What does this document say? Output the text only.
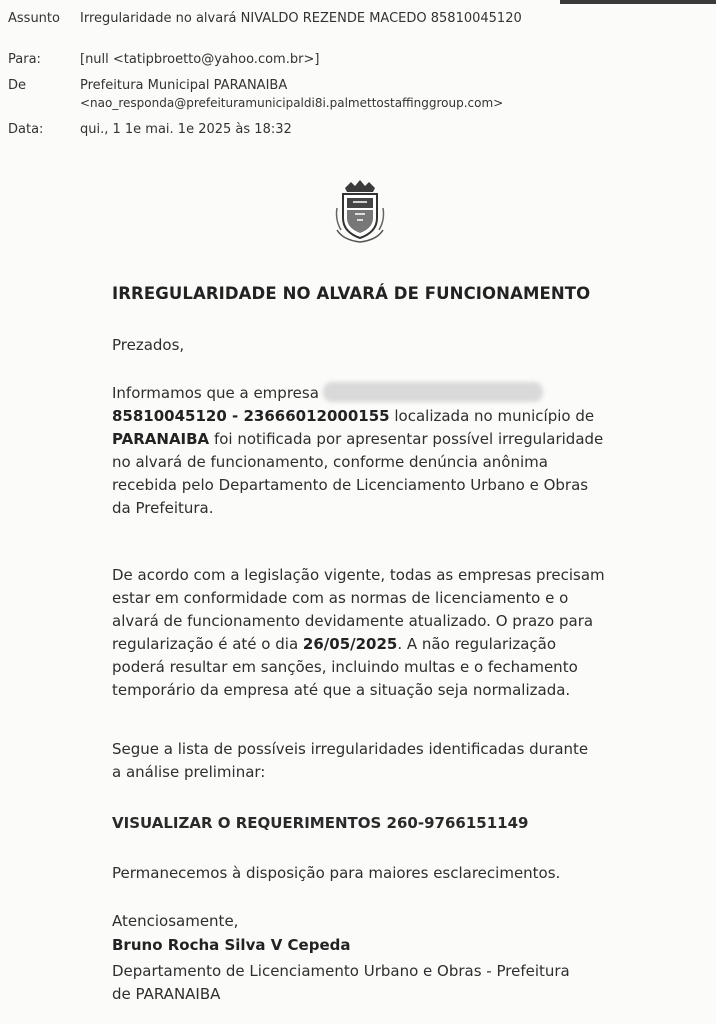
Assunto Irregularidade no alvará NIVALDO REZENDE MACEDO 85810045120
Para:	[null <tatipbroetto@yahoo.com.br>]
De	Prefeitura Municipal PARANAIBA
<nao_responda@prefeituramunicipaldi8i.palmettostaffinggroup.com>
Data:	qui., 1 1e mai. 1e 2025 às 18:32
IRREGULARIDADE NO ALVARÁ DE FUNCIONAMENTO
Prezados,
Informamos que a empresa
85810045120 - 23666012000155 localizada no município de PARANAIBA foi notificada por apresentar possível irregularidade no alvará de funcionamento, conforme denúncia anônima recebida pelo Departamento de Licenciamento Urbano e Obras da Prefeitura.
De acordo com a legislação vigente, todas as empresas precisam estar em conformidade com as normas de licenciamento e o alvará de funcionamento devidamente atualizado. O prazo para regularização é até o dia 26/05/2025. A não regularização poderá resultar em sanções, incluindo multas e o fechamento temporário da empresa até que a situação seja normalizada.
Segue a lista de possíveis irregularidades identificadas durante a análise preliminar:
VISUALIZAR O REQUERIMENTOS 260-9766151149
Permanecemos à disposição para maiores esclarecimentos.
Atenciosamente,
Bruno Rocha Silva V Cepeda
Departamento de Licenciamento Urbano e Obras - Prefeitura de PARANAIBA
